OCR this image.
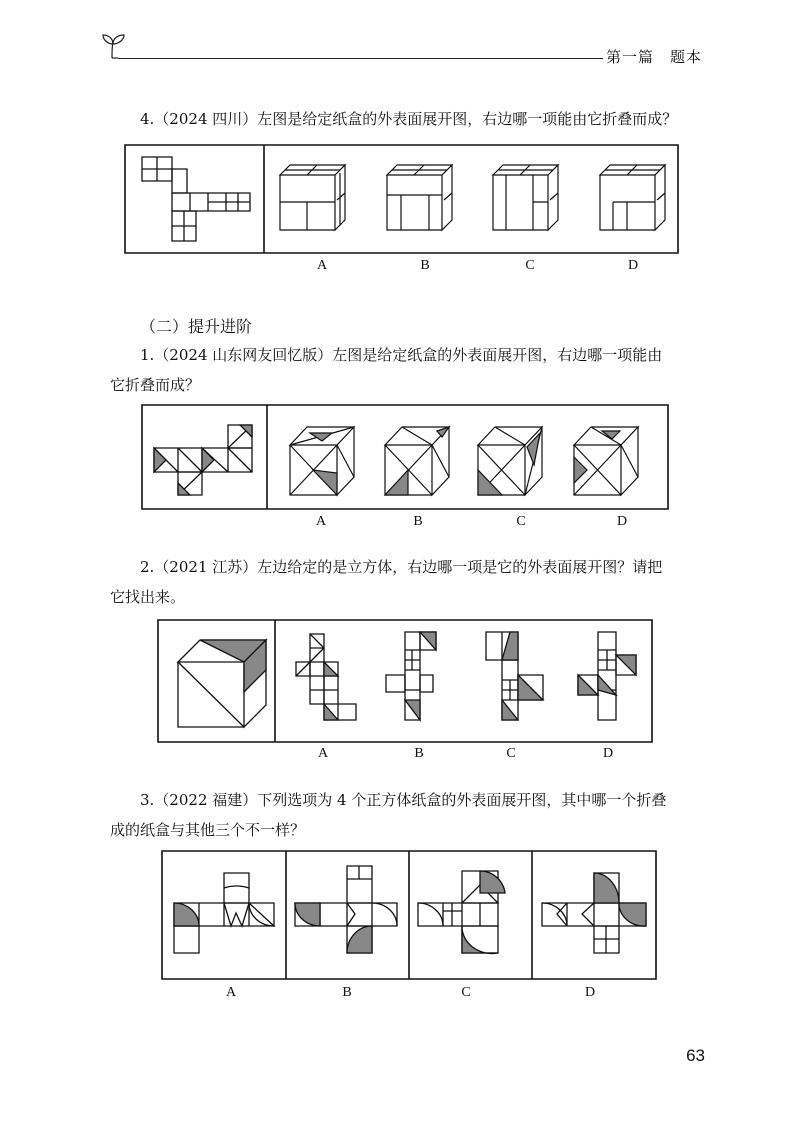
第一篇　题本
4.（2024 四川）左图是给定纸盒的外表面展开图，右边哪一项能由它折叠而成？
A	B	C	D
（二）提升进阶
1.（2024 山东网友回忆版）左图是给定纸盒的外表面展开图，右边哪一项能由
它折叠而成？
A	B	C	D
2.（2021 江苏）左边给定的是立方体，右边哪一项是它的外表面展开图？请把
它找出来。
A	B	C	D
3.（2022 福建）下列选项为 4 个正方体纸盒的外表面展开图，其中哪一个折叠
成的纸盒与其他三个不一样？
A	B	C	D
63
